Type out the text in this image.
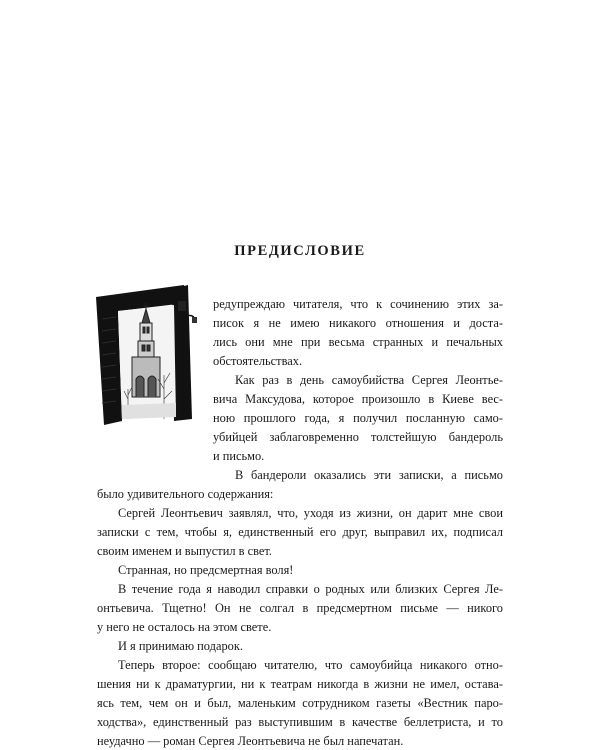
ПРЕДИСЛОВИЕ
редупреждаю читателя, что к сочинению этих за-
писок я не имею никакого отношения и доста-
лись они мне при весьма странных и печальных
обстоятельствах.
Как раз в день самоубийства Сергея Леонтье-
вича Максудова, которое произошло в Киеве вес-
ною прошлого года, я получил посланную само-
убийцей заблаговременно толстейшую бандероль
и письмо.
В бандероли оказались эти записки, а письмо
было удивительного содержания:
Сергей Леонтьевич заявлял, что, уходя из жизни, он дарит мне свои
записки с тем, чтобы я, единственный его друг, выправил их, подписал
своим именем и выпустил в свет.
Странная, но предсмертная воля!
В течение года я наводил справки о родных или близких Сергея Ле-
онтьевича. Тщетно! Он не солгал в предсмертном письме — никого
у него не осталось на этом свете.
И я принимаю подарок.
Теперь второе: сообщаю читателю, что самоубийца никакого отно-
шения ни к драматургии, ни к театрам никогда в жизни не имел, остава-
ясь тем, чем он и был, маленьким сотрудником газеты «Вестник паро-
ходства», единственный раз выступившим в качестве беллетриста, и то
неудачно — роман Сергея Леонтьевича не был напечатан.
